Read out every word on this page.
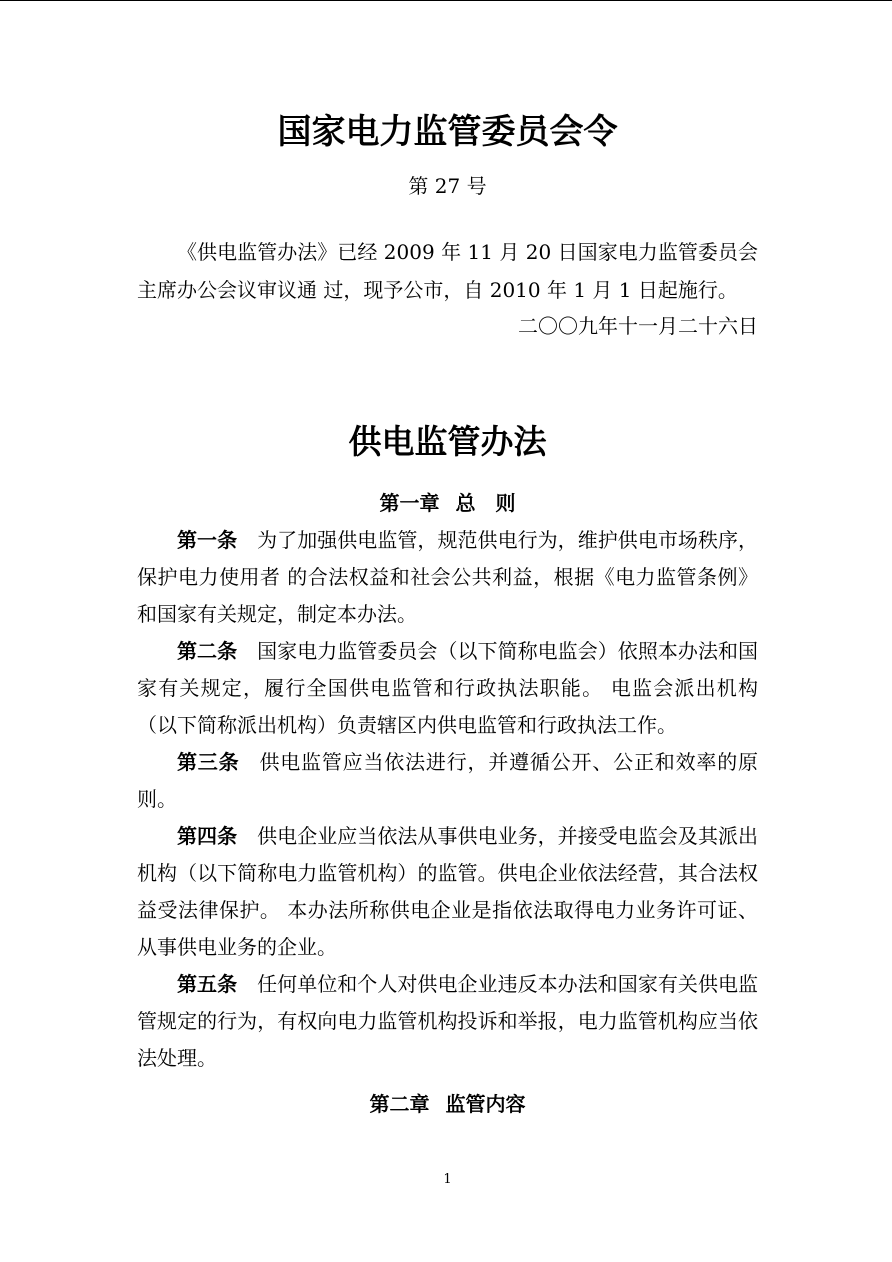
国家电力监管委员会令
第 27 号

《供电监管办法》已经 2009 年 11 月 20 日国家电力监管委员会主席办公会议审议通 过，现予公市，自 2010 年 1 月 1 日起施行。

二〇〇九年十一月二十六日
供电监管办法
第一章 总　则

第一条 为了加强供电监管，规范供电行为，维护供电市场秩序，保护电力使用者 的合法权益和社会公共利益，根据《电力监管条例》和国家有关规定，制定本办法。

第二条 国家电力监管委员会（以下简称电监会）依照本办法和国家有关规定，履行全国供电监管和行政执法职能。 电监会派出机构（以下简称派出机构）负责辖区内供电监管和行政执法工作。

第三条 供电监管应当依法进行，并遵循公开、公正和效率的原则。

第四条 供电企业应当依法从事供电业务，并接受电监会及其派出机构（以下简称电力监管机构）的监管。供电企业依法经营，其合法权益受法律保护。 本办法所称供电企业是指依法取得电力业务许可证、从事供电业务的企业。

第五条 任何单位和个人对供电企业违反本办法和国家有关供电监管规定的行为，有权向电力监管机构投诉和举报，电力监管机构应当依法处理。

第二章 监管内容
1
